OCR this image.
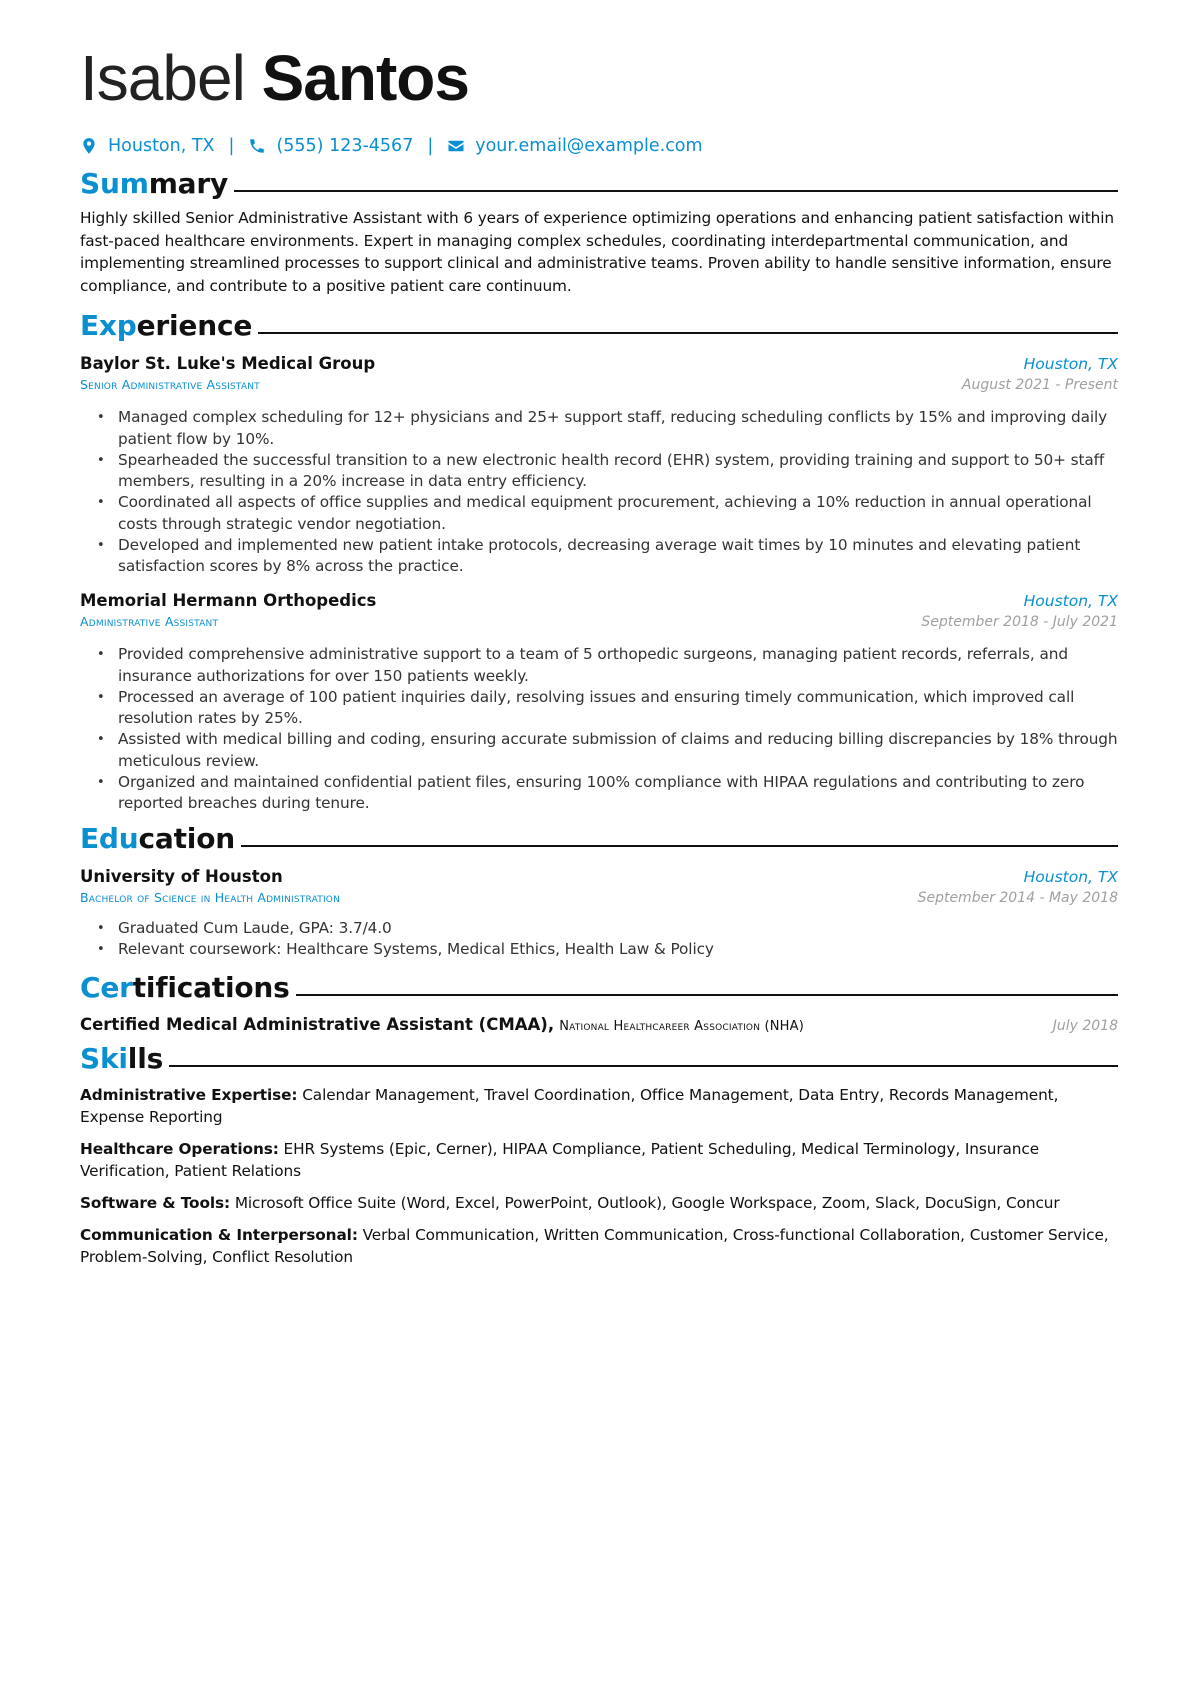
Isabel Santos
Houston, TX | (555) 123-4567 | your.email@example.com
Summary

Highly skilled Senior Administrative Assistant with 6 years of experience optimizing operations and enhancing patient satisfaction within fast-paced healthcare environments. Expert in managing complex schedules, coordinating interdepartmental communication, and implementing streamlined processes to support clinical and administrative teams. Proven ability to handle sensitive information, ensure compliance, and contribute to a positive patient care continuum.

Experience
Baylor St. Luke's Medical Group	Houston, TX
Senior Administrative Assistant	August 2021 - Present
• Managed complex scheduling for 12+ physicians and 25+ support staff, reducing scheduling conflicts by 15% and improving daily patient flow by 10%.
• Spearheaded the successful transition to a new electronic health record (EHR) system, providing training and support to 50+ staff members, resulting in a 20% increase in data entry efficiency.
• Coordinated all aspects of office supplies and medical equipment procurement, achieving a 10% reduction in annual operational costs through strategic vendor negotiation.
• Developed and implemented new patient intake protocols, decreasing average wait times by 10 minutes and elevating patient satisfaction scores by 8% across the practice.
Memorial Hermann Orthopedics	Houston, TX
Administrative Assistant	September 2018 - July 2021
• Provided comprehensive administrative support to a team of 5 orthopedic surgeons, managing patient records, referrals, and insurance authorizations for over 150 patients weekly.
• Processed an average of 100 patient inquiries daily, resolving issues and ensuring timely communication, which improved call resolution rates by 25%.
• Assisted with medical billing and coding, ensuring accurate submission of claims and reducing billing discrepancies by 18% through meticulous review.
• Organized and maintained confidential patient files, ensuring 100% compliance with HIPAA regulations and contributing to zero reported breaches during tenure.
Education
University of Houston	Houston, TX
Bachelor of Science in Health Administration	September 2014 - May 2018
• Graduated Cum Laude, GPA: 3.7/4.0
• Relevant coursework: Healthcare Systems, Medical Ethics, Health Law & Policy
Certifications
Certified Medical Administrative Assistant (CMAA), National Healthcareer Association (NHA)	July 2018
Skills

Administrative Expertise: Calendar Management, Travel Coordination, Office Management, Data Entry, Records Management, Expense Reporting

Healthcare Operations: EHR Systems (Epic, Cerner), HIPAA Compliance, Patient Scheduling, Medical Terminology, Insurance Verification, Patient Relations

Software & Tools: Microsoft Office Suite (Word, Excel, PowerPoint, Outlook), Google Workspace, Zoom, Slack, DocuSign, Concur

Communication & Interpersonal: Verbal Communication, Written Communication, Cross-functional Collaboration, Customer Service, Problem-Solving, Conflict Resolution
